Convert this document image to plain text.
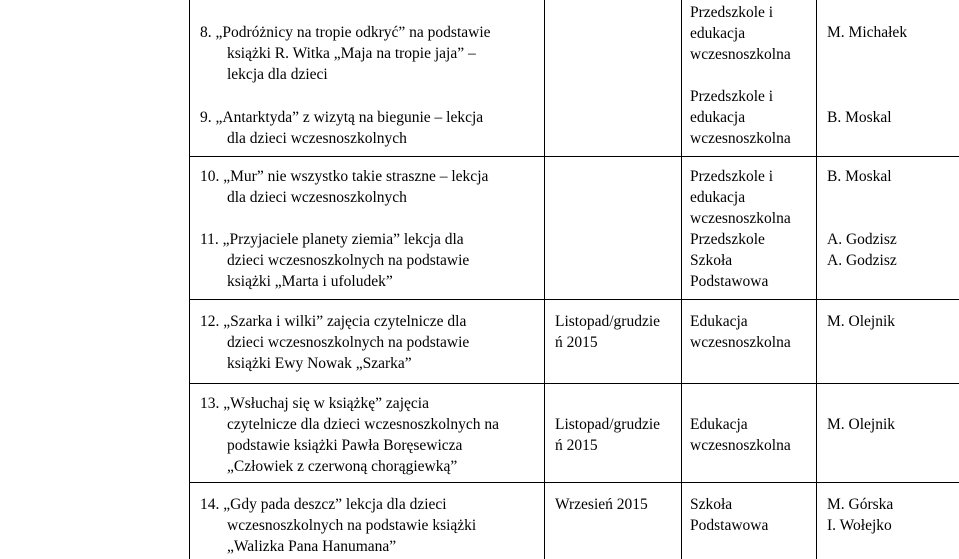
8. „Podróżnicy na tropie odkryć” na podstawie
książki R. Witka „Maja na tropie jaja” –
lekcja dla dzieci
Przedszkole i
edukacja
wczesnoszkolna
M. Michałek
9. „Antarktyda” z wizytą na biegunie – lekcja
dla dzieci wczesnoszkolnych
Przedszkole i
edukacja
wczesnoszkolna
B. Moskal
10. „Mur” nie wszystko takie straszne – lekcja
dla dzieci wczesnoszkolnych
Przedszkole i
edukacja
wczesnoszkolna
B. Moskal
11. „Przyjaciele planety ziemia” lekcja dla
dzieci wczesnoszkolnych na podstawie
książki „Marta i ufoludek”
Przedszkole
Szkoła
Podstawowa
A. Godzisz
A. Godzisz
12. „Szarka i wilki” zajęcia czytelnicze dla
dzieci wczesnoszkolnych na podstawie
książki Ewy Nowak „Szarka”
Listopad/grudzie
ń 2015
Edukacja
wczesnoszkolna
M. Olejnik
13. „Wsłuchaj się w książkę” zajęcia
czytelnicze dla dzieci wczesnoszkolnych na
podstawie książki Pawła Boręsewicza
„Człowiek z czerwoną chorągiewką”
Listopad/grudzie
ń 2015
Edukacja
wczesnoszkolna
M. Olejnik
14. „Gdy pada deszcz” lekcja dla dzieci
wczesnoszkolnych na podstawie książki
„Walizka Pana Hanumana”
Wrzesień 2015	Szkoła
Podstawowa
M. Górska
I. Wołejko
